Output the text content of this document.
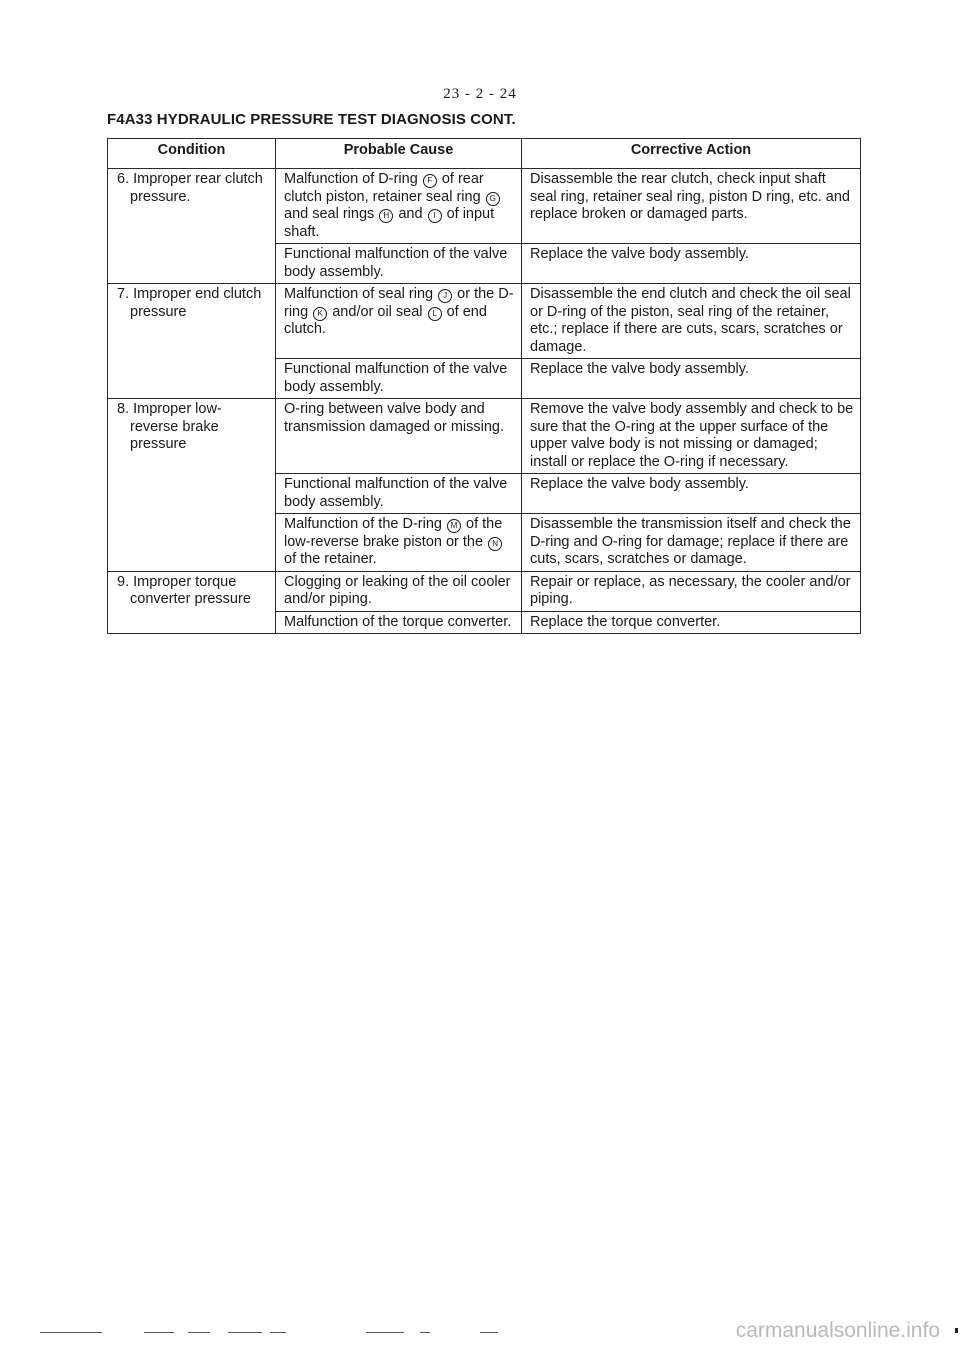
23 - 2 - 24
F4A33 HYDRAULIC PRESSURE TEST DIAGNOSIS CONT.
Condition	Probable Cause	Corrective Action

6. Improper rear clutch pressure.	Malfunction of D-ring F of rear clutch piston, retainer seal ring G and seal rings H and I of input shaft.	Disassemble the rear clutch, check input shaft seal ring, retainer seal ring, piston D ring, etc. and replace broken or damaged parts.
	Functional malfunction of the valve body assembly.	Replace the valve body assembly.

7. Improper end clutch pressure	Malfunction of seal ring J or the D-ring K and/or oil seal L of end clutch.	Disassemble the end clutch and check the oil seal or D-ring of the piston, seal ring of the retainer, etc.; replace if there are cuts, scars, scratches or damage.
	Functional malfunction of the valve body assembly.	Replace the valve body assembly.

8. Improper low-reverse brake pressure	O-ring between valve body and transmission damaged or missing.	Remove the valve body assembly and check to be sure that the O-ring at the upper surface of the upper valve body is not missing or damaged; install or replace the O-ring if necessary.
	Functional malfunction of the valve body assembly.	Replace the valve body assembly.
	Malfunction of the D-ring M of the low-reverse brake piston or the N of the retainer.	Disassemble the transmission itself and check the D-ring and O-ring for damage; replace if there are cuts, scars, scratches or damage.

9. Improper torque converter pressure	Clogging or leaking of the oil cooler and/or piping.	Repair or replace, as necessary, the cooler and/or piping.
	Malfunction of the torque converter.	Replace the torque converter.
carmanualsonline.info
